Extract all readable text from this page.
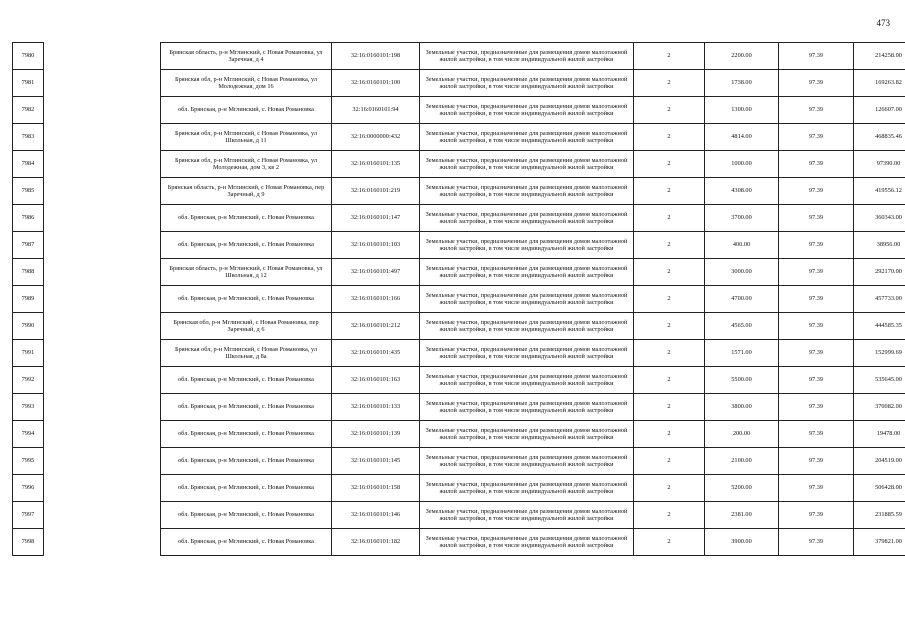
473
7980		Брянская область, р-н Мглинский, с Новая Романовка, ул Заречная, д 4	32:16:0160101:198	Земельные участки, предназначенные для размещения домов малоэтажной жилой застройки, в том числе индивидуальной жилой застройки	2	2200.00	97.39	214258.00
7981		Брянская обл, р-н Мглинский, с Новая Романовка, ул Молодежная, дом 16	32:16:0160101:100	Земельные участки, предназначенные для размещения домов малоэтажной жилой застройки, в том числе индивидуальной жилой застройки	2	1738.00	97.39	169263.82
7982		обл. Брянская, р-н Мглинский, с. Новая Романовка	32:16:0160101:94	Земельные участки, предназначенные для размещения домов малоэтажной жилой застройки, в том числе индивидуальной жилой застройки	2	1300.00	97.39	126607.00
7983		Брянская обл, р-н Мглинский, с Новая Романовка, ул Школьная, д 11	32:16:0000000:432	Земельные участки, предназначенные для размещения домов малоэтажной жилой застройки, в том числе индивидуальной жилой застройки	2	4814.00	97.39	468835.46
7984		Брянская обл, р-н Мглинский, с Новая Романовка, ул Молодежная, дом 3, кв 2	32:16:0160101:135	Земельные участки, предназначенные для размещения домов малоэтажной жилой застройки, в том числе индивидуальной жилой застройки	2	1000.00	97.39	97390.00
7985		Брянская область, р-н Мглинский, с Новая Романовка, пер Заречный, д 9	32:16:0160101:219	Земельные участки, предназначенные для размещения домов малоэтажной жилой застройки, в том числе индивидуальной жилой застройки	2	4308.00	97.39	419556.12
7986		обл. Брянская, р-н Мглинский, с. Новая Романовка	32:16:0160101:147	Земельные участки, предназначенные для размещения домов малоэтажной жилой застройки, в том числе индивидуальной жилой застройки	2	3700.00	97.39	360343.00
7987		обл. Брянская, р-н Мглинский, с. Новая Романовка	32:16:0160101:103	Земельные участки, предназначенные для размещения домов малоэтажной жилой застройки, в том числе индивидуальной жилой застройки	2	400.00	97.39	38956.00
7988		Брянская область, р-н Мглинский, с Новая Романовка, ул Школьная, д 12	32:16:0160101:497	Земельные участки, предназначенные для размещения домов малоэтажной жилой застройки, в том числе индивидуальной жилой застройки	2	3000.00	97.39	292170.00
7989		обл. Брянская, р-н Мглинский, с. Новая Романовка	32:16:0160101:166	Земельные участки, предназначенные для размещения домов малоэтажной жилой застройки, в том числе индивидуальной жилой застройки	2	4700.00	97.39	457733.00
7990		Брянская обл, р-н Мглинский, с Новая Романовка, пер Заречный, д 6	32:16:0160101:212	Земельные участки, предназначенные для размещения домов малоэтажной жилой застройки, в том числе индивидуальной жилой застройки	2	4565.00	97.39	444585.35
7991		Брянская обл, р-н Мглинский, с Новая Романовка, ул Школьная, д 8а	32:16:0160101:435	Земельные участки, предназначенные для размещения домов малоэтажной жилой застройки, в том числе индивидуальной жилой застройки	2	1571.00	97.39	152999.69
7992		обл. Брянская, р-н Мглинский, с. Новая Романовка	32:16:0160101:163	Земельные участки, предназначенные для размещения домов малоэтажной жилой застройки, в том числе индивидуальной жилой застройки	2	5500.00	97.39	535645.00
7993		обл. Брянская, р-н Мглинский, с. Новая Романовка	32:16:0160101:133	Земельные участки, предназначенные для размещения домов малоэтажной жилой застройки, в том числе индивидуальной жилой застройки	2	3800.00	97.39	370082.00
7994		обл. Брянская, р-н Мглинский, с. Новая Романовка	32:16:0160101:139	Земельные участки, предназначенные для размещения домов малоэтажной жилой застройки, в том числе индивидуальной жилой застройки	2	200.00	97.39	19478.00
7995		обл. Брянская, р-н Мглинский, с. Новая Романовка	32:16:0160101:145	Земельные участки, предназначенные для размещения домов малоэтажной жилой застройки, в том числе индивидуальной жилой застройки	2	2100.00	97.39	204519.00
7996		обл. Брянская, р-н Мглинский, с. Новая Романовка	32:16:0160101:158	Земельные участки, предназначенные для размещения домов малоэтажной жилой застройки, в том числе индивидуальной жилой застройки	2	5200.00	97.39	506428.00
7997		обл. Брянская, р-н Мглинский, с. Новая Романовка	32:16:0160101:146	Земельные участки, предназначенные для размещения домов малоэтажной жилой застройки, в том числе индивидуальной жилой застройки	2	2381.00	97.39	231885.59
7998		обл. Брянская, р-н Мглинский, с. Новая Романовка	32:16:0160101:182	Земельные участки, предназначенные для размещения домов малоэтажной жилой застройки, в том числе индивидуальной жилой застройки	2	3900.00	97.39	379821.00
